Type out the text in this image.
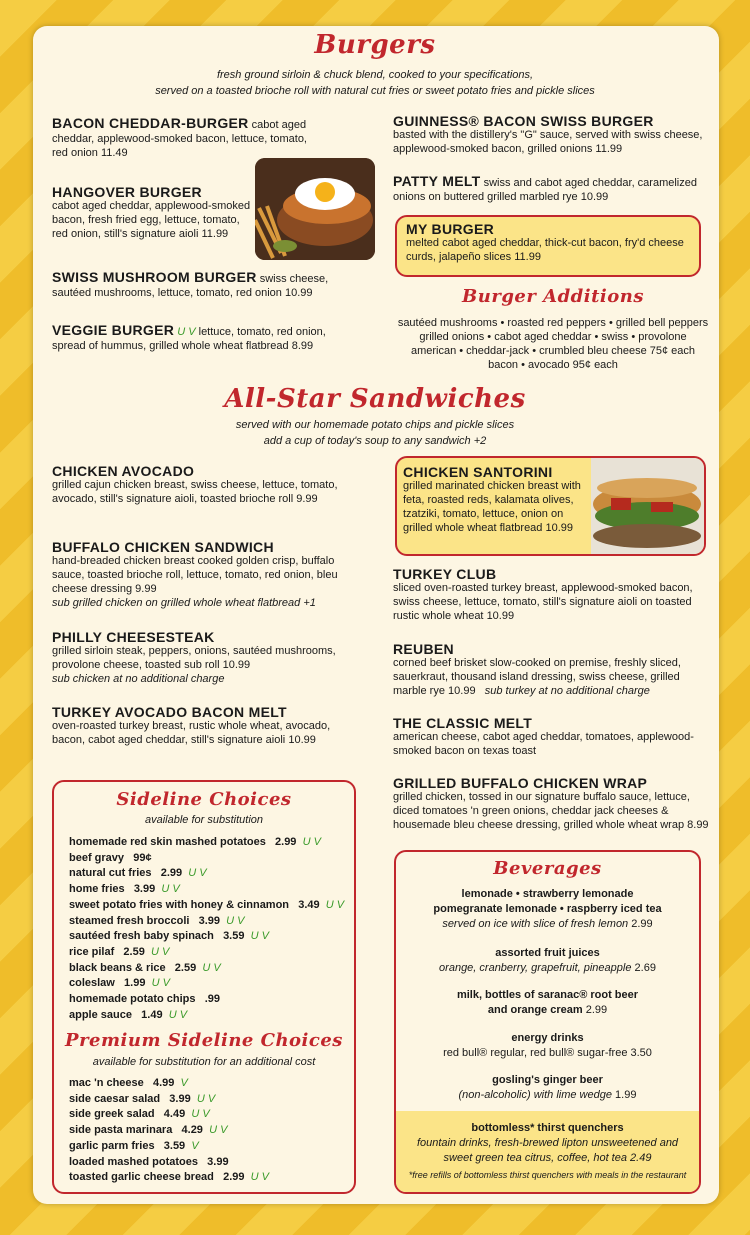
Burgers
fresh ground sirloin & chuck blend, cooked to your specifications,
served on a toasted brioche roll with natural cut fries or sweet potato fries and pickle slices
BACON CHEDDAR-BURGER cabot aged cheddar, applewood-smoked bacon, lettuce, tomato, red onion 11.49
HANGOVER BURGER
cabot aged cheddar, applewood-smoked bacon, fresh fried egg, lettuce, tomato, red onion, still's signature aioli 11.99
SWISS MUSHROOM BURGER swiss cheese, sautéed mushrooms, lettuce, tomato, red onion 10.99
VEGGIE BURGER U V lettuce, tomato, red onion, spread of hummus, grilled whole wheat flatbread 8.99
GUINNESS® BACON SWISS BURGER
basted with the distillery's "G" sauce, served with swiss cheese, applewood-smoked bacon, grilled onions 11.99
PATTY MELT swiss and cabot aged cheddar, caramelized onions on buttered grilled marbled rye 10.99
MY BURGER
melted cabot aged cheddar, thick-cut bacon, fry'd cheese curds, jalapeño slices 11.99
Burger Additions
sautéed mushrooms • roasted red peppers • grilled bell peppers
grilled onions • cabot aged cheddar • swiss • provolone
american • cheddar-jack • crumbled bleu cheese 75¢ each
bacon • avocado 95¢ each
All-Star Sandwiches
served with our homemade potato chips and pickle slices
add a cup of today's soup to any sandwich +2
CHICKEN AVOCADO
grilled cajun chicken breast, swiss cheese, lettuce, tomato, avocado, still's signature aioli, toasted brioche roll 9.99
BUFFALO CHICKEN SANDWICH
hand-breaded chicken breast cooked golden crisp, buffalo sauce, toasted brioche roll, lettuce, tomato, red onion, bleu cheese dressing 9.99
sub grilled chicken on grilled whole wheat flatbread +1
PHILLY CHEESESTEAK
grilled sirloin steak, peppers, onions, sautéed mushrooms, provolone cheese, toasted sub roll 10.99
sub chicken at no additional charge
TURKEY AVOCADO BACON MELT
oven-roasted turkey breast, rustic whole wheat, avocado, bacon, cabot aged cheddar, still's signature aioli 10.99
CHICKEN SANTORINI
grilled marinated chicken breast with feta, roasted reds, kalamata olives, tzatziki, tomato, lettuce, onion on grilled whole wheat flatbread 10.99
TURKEY CLUB
sliced oven-roasted turkey breast, applewood-smoked bacon, swiss cheese, lettuce, tomato, still's signature aioli on toasted rustic whole wheat 10.99
REUBEN
corned beef brisket slow-cooked on premise, freshly sliced, sauerkraut, thousand island dressing, swiss cheese, grilled marble rye 10.99 sub turkey at no additional charge
THE CLASSIC MELT
american cheese, cabot aged cheddar, tomatoes, applewood-smoked bacon on texas toast
GRILLED BUFFALO CHICKEN WRAP
grilled chicken, tossed in our signature buffalo sauce, lettuce, diced tomatoes 'n green onions, cheddar jack cheeses & housemade bleu cheese dressing, grilled whole wheat wrap 8.99
Sideline Choices
available for substitution
homemade red skin mashed potatoes 2.99 U V
beef gravy 99¢
natural cut fries 2.99 U V
home fries 3.99 U V
sweet potato fries with honey & cinnamon 3.49 U V
steamed fresh broccoli 3.99 U V
sautéed fresh baby spinach 3.59 U V
rice pilaf 2.59 U V
black beans & rice 2.59 U V
coleslaw 1.99 U V
homemade potato chips .99
apple sauce 1.49 U V
Premium Sideline Choices
available for substitution for an additional cost
mac 'n cheese 4.99 V
side caesar salad 3.99 U V
side greek salad 4.49 U V
side pasta marinara 4.29 U V
garlic parm fries 3.59 V
loaded mashed potatoes 3.99
toasted garlic cheese bread 2.99 U V
Beverages
lemonade • strawberry lemonade
pomegranate lemonade • raspberry iced tea
served on ice with slice of fresh lemon 2.99
assorted fruit juices
orange, cranberry, grapefruit, pineapple 2.69
milk, bottles of saranac® root beer
and orange cream 2.99
energy drinks
red bull® regular, red bull® sugar-free 3.50
gosling's ginger beer
(non-alcoholic) with lime wedge 1.99
bottomless* thirst quenchers
fountain drinks, fresh-brewed lipton unsweetened and
sweet green tea citrus, coffee, hot tea 2.49
*free refills of bottomless thirst quenchers with meals in the restaurant
